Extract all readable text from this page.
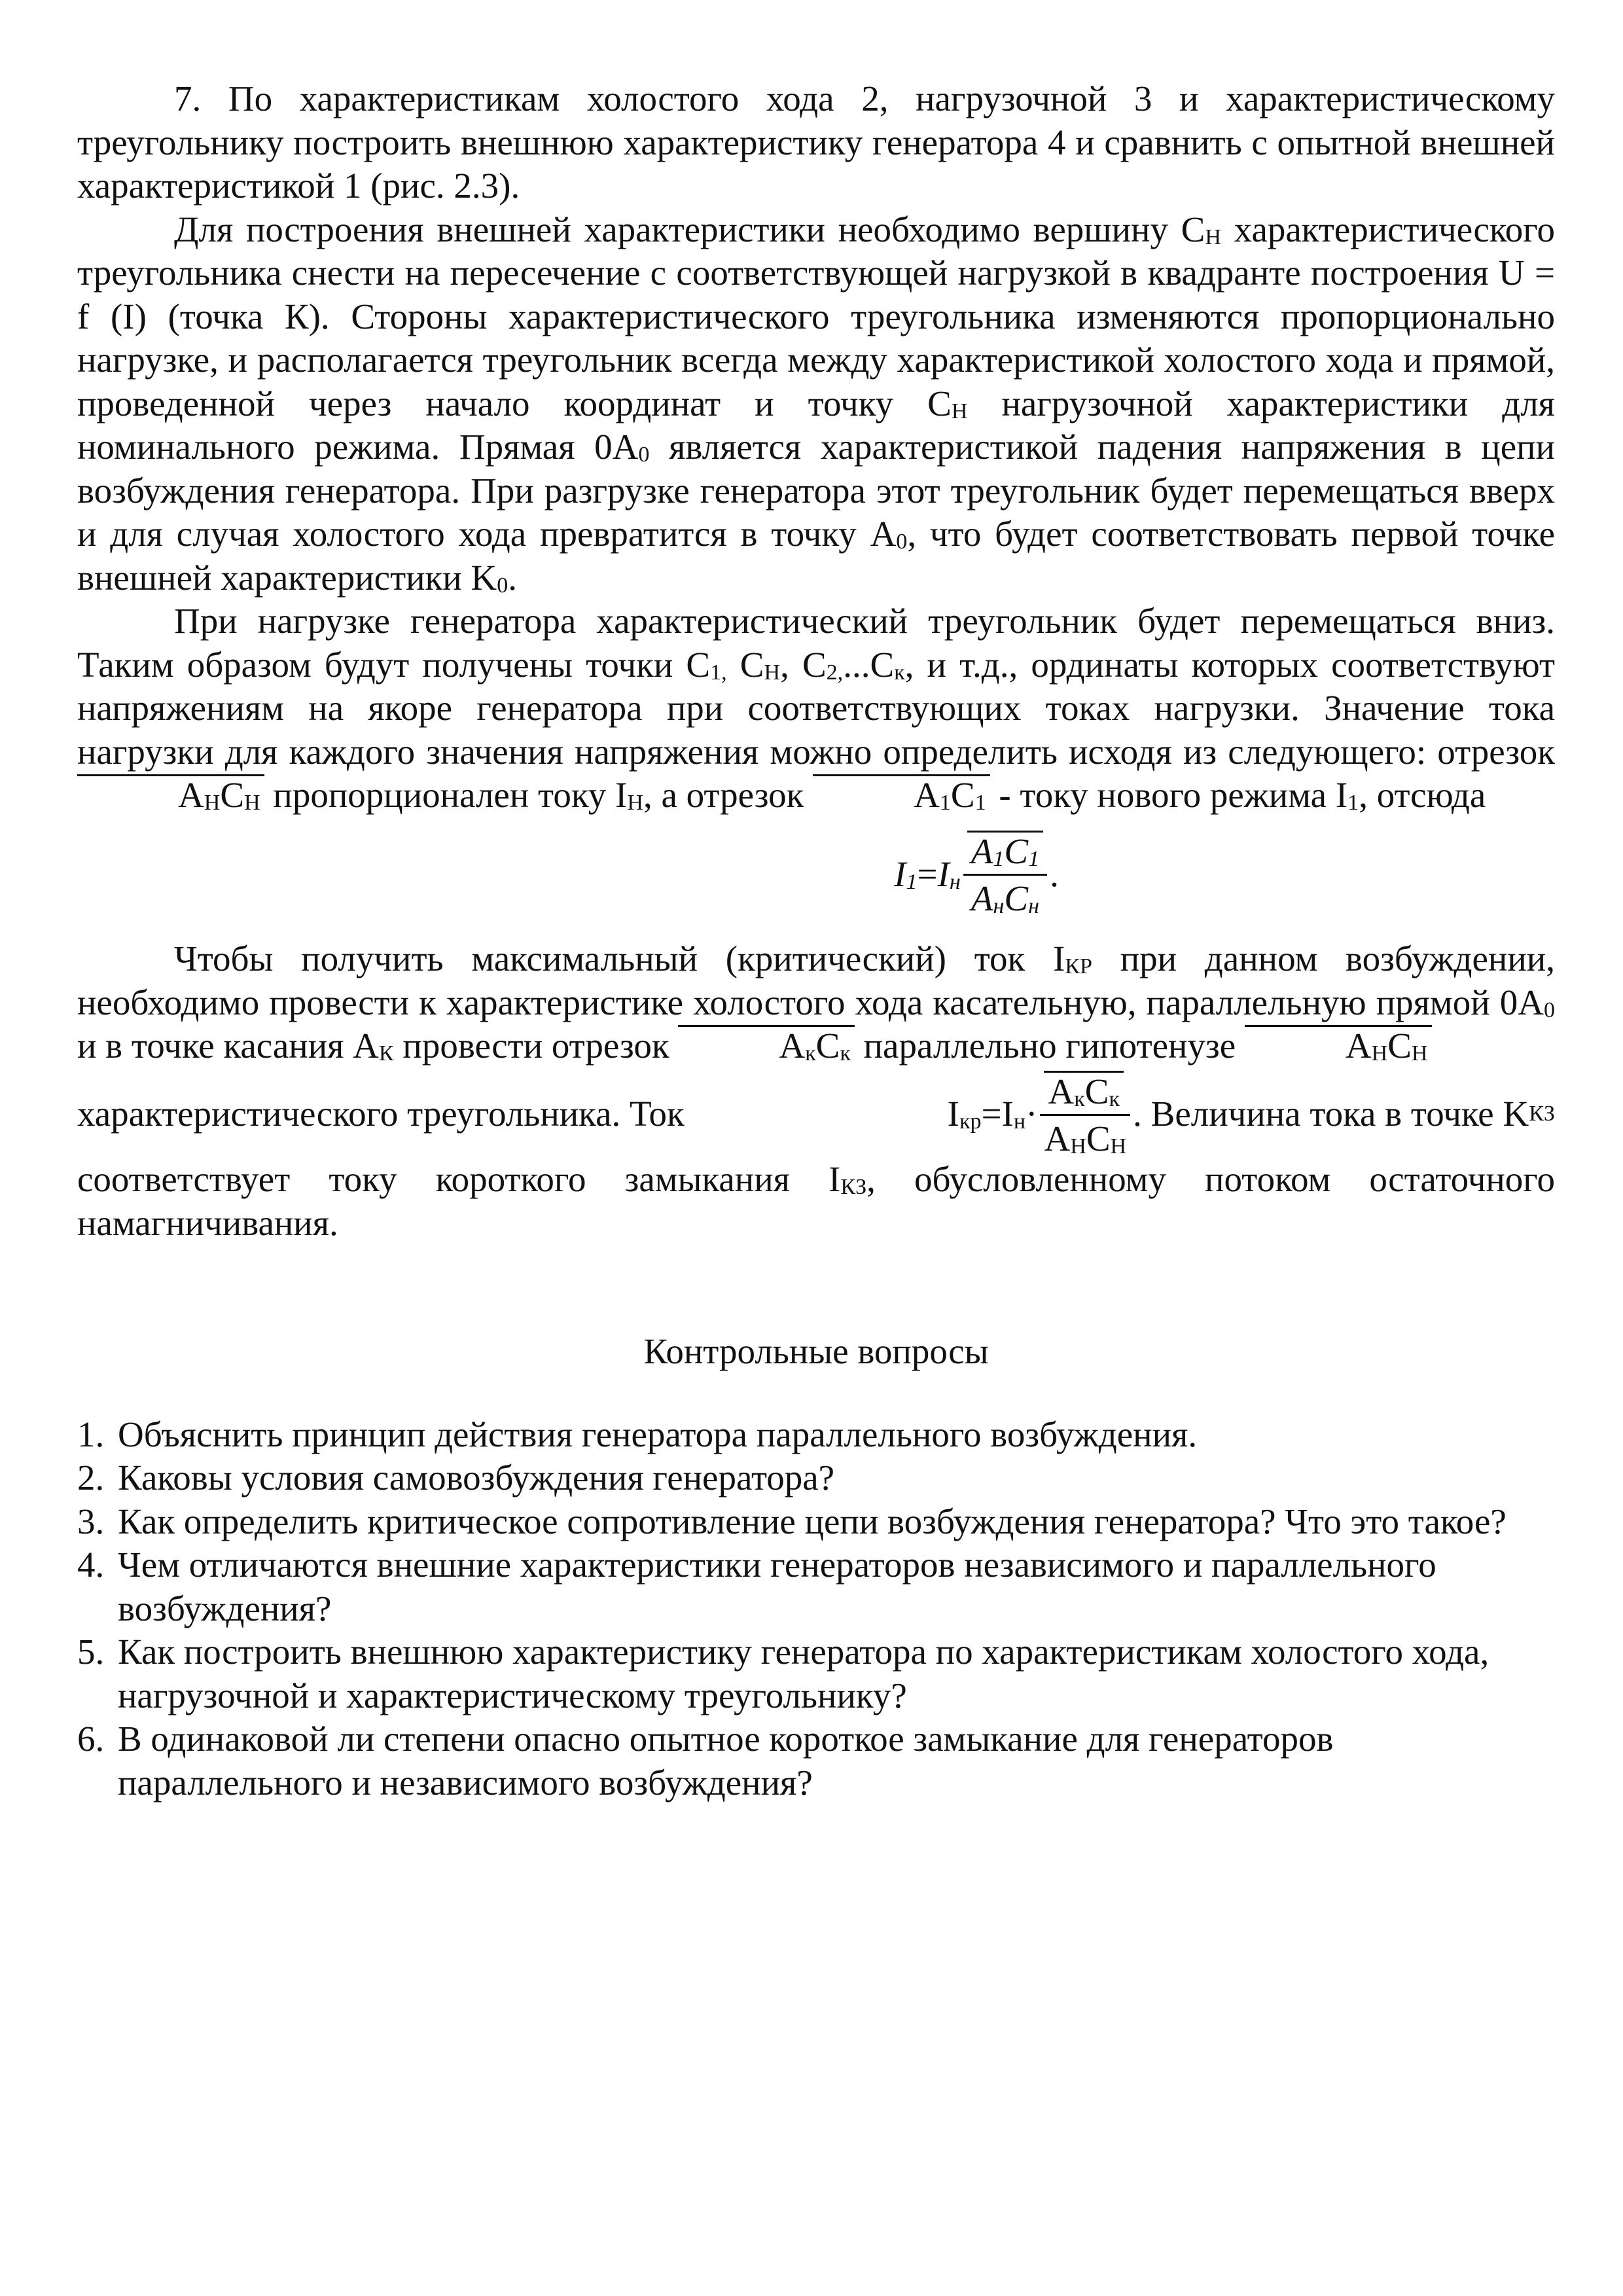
7. По характеристикам холостого хода 2, нагрузочной 3 и характеристическому треугольнику построить внешнюю характеристику генератора 4 и сравнить с опытной внешней характеристикой 1 (рис. 2.3).

Для построения внешней характеристики необходимо вершину $C_Н$ характеристического треугольника снести на пересечение с соответствующей нагрузкой в квадранте построения U = f (I) (точка К). Стороны характеристического треугольника изменяются пропорционально нагрузке, и располагается треугольник всегда между характеристикой холостого хода и прямой, проведенной через начало координат и точку $C_Н$ нагрузочной характеристики для номинального режима. Прямая $0A_0$ является характеристикой падения напряжения в цепи возбуждения генератора. При разгрузке генератора этот треугольник будет перемещаться вверх и для случая холостого хода превратится в точку $A_0$, что будет соответствовать первой точке внешней характеристики $K_0$.

При нагрузке генератора характеристический треугольник будет перемещаться вниз. Таким образом будут получены точки $C_{1,}$ $C_Н$, $C_{2,}...C_к$, и т.д., ординаты которых соответствуют напряжениям на якоре генератора при соответствующих токах нагрузки. Значение тока нагрузки для каждого значения напряжения можно определить исходя из следующего: отрезок $A_НC_Н$ пропорционален току $I_Н$, а отрезок	$A_1C_1$ - току нового режима $I_1$, отсюда

$I_1=I_н \frac{A_1C_1}{A_нC_н}$ .

Чтобы получить максимальный (критический) ток $I_{КР}$ при данном возбуждении, необходимо провести к характеристике холостого хода касательную, параллельную прямой $0A_0$ и в точке касания $A_К$ провести отрезок	$A_кC_к$ параллельно гипотенузе	$A_НC_Н$

характеристического треугольника. Ток	$I_{кр}=I_н\cdot \frac{A_кC_к}{A_НC_Н}$ . Величина тока в точке KКЗ

соответствует току короткого замыкания $I_{КЗ}$, обусловленному потоком остаточного намагничивания.

Контрольные вопросы

1. Объяснить принцип действия генератора параллельного возбуждения.
2. Каковы условия самовозбуждения генератора?
3. Как определить критическое сопротивление цепи возбуждения генератора? Что это такое?
4. Чем отличаются внешние характеристики генераторов независимого и параллельного возбуждения?
5. Как построить внешнюю характеристику генератора по характеристикам холостого хода, нагрузочной и характеристическому треугольнику?
6. В одинаковой ли степени опасно опытное короткое замыкание для генераторов параллельного и независимого возбуждения?
